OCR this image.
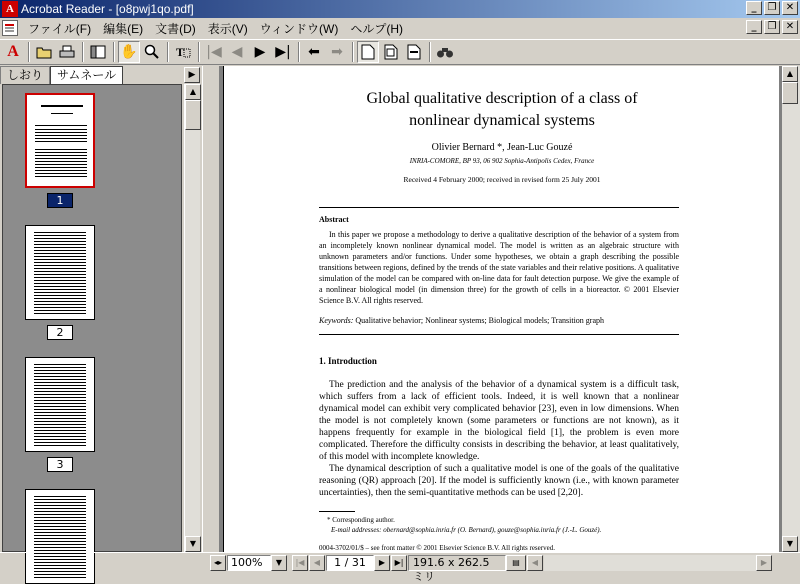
A Acrobat Reader - [o8pwj1qo.pdf]	_	❐ ✕
ファイル(F)	編集(E)	文書(D)	表示(V)	ウィンドウ(W)	ヘルプ(H)	_	❐ ✕
A	✋	T |◀ ◀ ▶ ▶|	⬅ ➡
しおり	サムネール	▶
1
2
3
▲
▼
Global qualitative description of a class of
nonlinear dynamical systems
Olivier Bernard *, Jean-Luc Gouzé
INRIA-COMORE, BP 93, 06 902 Sophia-Antipolis Cedex, France
Received 4 February 2000; received in revised form 25 July 2001
Abstract
In this paper we propose a methodology to derive a qualitative description of the behavior of a system from an incompletely known nonlinear dynamical model. The model is written as an algebraic structure with unknown parameters and/or functions. Under some hypotheses, we obtain a graph describing the possible transitions between regions, defined by the trends of the state variables and their relative positions. A qualitative simulation of the model can be compared with on-line data for fault detection purpose. We give the example of a nonlinear biological model (in dimension three) for the growth of cells in a bioreactor. © 2001 Elsevier Science B.V. All rights reserved.
Keywords: Qualitative behavior; Nonlinear systems; Biological models; Transition graph
1. Introduction
The prediction and the analysis of the behavior of a dynamical system is a difficult task, which suffers from a lack of efficient tools. Indeed, it is well known that a nonlinear dynamical model can exhibit very complicated behavior [23], even in low dimensions. When the model is not completely known (some parameters or functions are not known), as it happens frequently for example in the biological field [1], the problem is even more complicated. Therefore the difficulty consists in describing the behavior, at least qualitatively, of this model with incomplete knowledge.
The dynamical description of such a qualitative model is one of the goals of the qualitative reasoning (QR) approach [20]. If the model is sufficiently known (i.e., with known parameter uncertainties), then the semi-quantitative methods can be used [2,20].
* Corresponding author.
E-mail addresses: obernard@sophia.inria.fr (O. Bernard), gouze@sophia.inria.fr (J.-L. Gouzé).
0004-3702/01/$ – see front matter © 2001 Elsevier Science B.V. All rights reserved.
▲
▼
◂▸ 100%	▼	|◀	◀	1 / 31	▶	▶| 191.6 x 262.5 ミリ
▤	◀	▶
